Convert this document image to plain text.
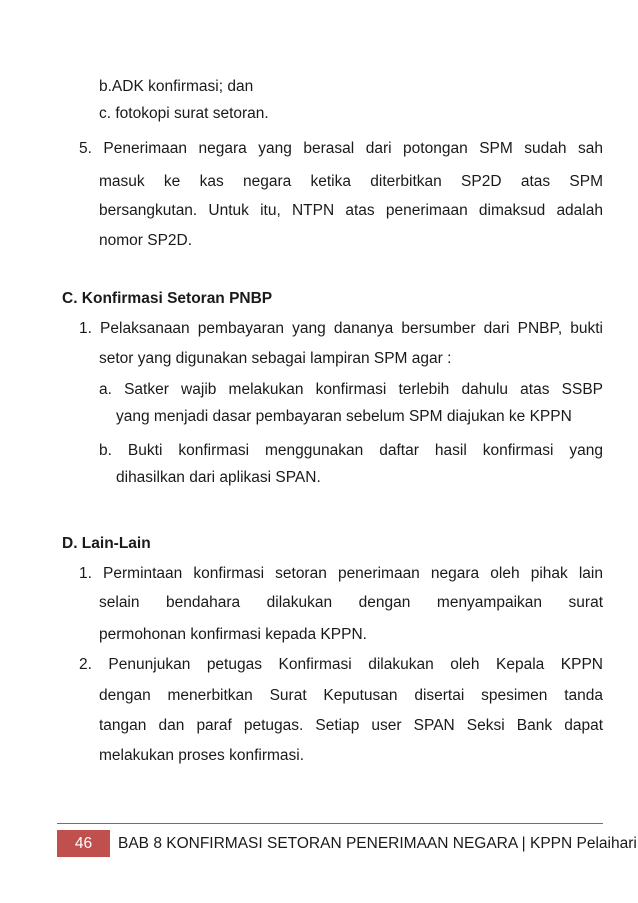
b.ADK konfirmasi; dan
c. fotokopi surat setoran.
5. Penerimaan negara yang berasal dari potongan SPM sudah sah
masuk ke kas negara ketika diterbitkan SP2D atas SPM
bersangkutan. Untuk itu, NTPN atas penerimaan dimaksud adalah
nomor SP2D.
C. Konfirmasi Setoran PNBP
1. Pelaksanaan pembayaran yang dananya bersumber dari PNBP, bukti
setor yang digunakan sebagai lampiran SPM agar :
a. Satker wajib melakukan konfirmasi terlebih dahulu atas SSBP
yang menjadi dasar pembayaran sebelum SPM diajukan ke KPPN
b. Bukti konfirmasi menggunakan daftar hasil konfirmasi yang
dihasilkan dari aplikasi SPAN.
D. Lain-Lain
1. Permintaan konfirmasi setoran penerimaan negara oleh pihak lain
selain bendahara dilakukan dengan menyampaikan surat
permohonan konfirmasi kepada KPPN.
2. Penunjukan petugas Konfirmasi dilakukan oleh Kepala KPPN
dengan menerbitkan Surat Keputusan disertai spesimen tanda
tangan dan paraf petugas. Setiap user SPAN Seksi Bank dapat
melakukan proses konfirmasi.
46	BAB 8 KONFIRMASI SETORAN PENERIMAAN NEGARA | KPPN Pelaihari
